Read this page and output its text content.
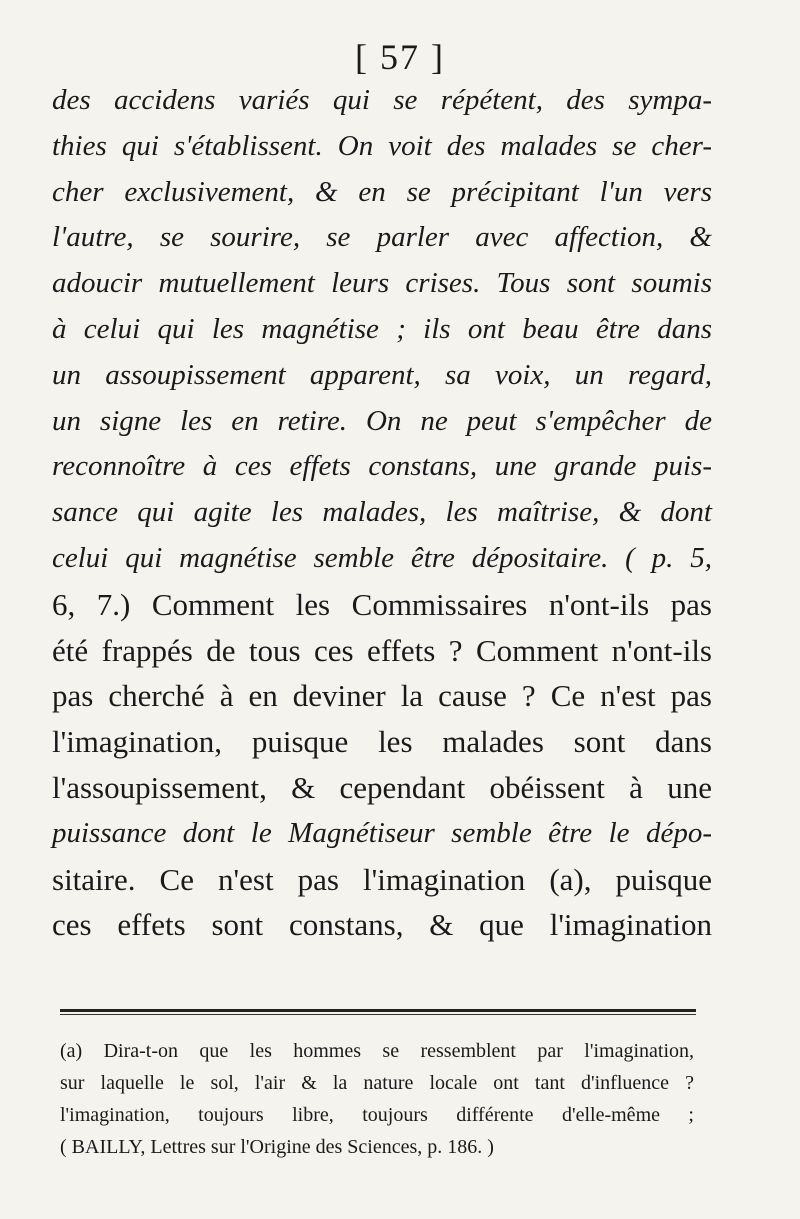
[ 57 ]
des accidens variés qui se répétent, des sympa-
thies qui s'établissent. On voit des malades se cher-
cher exclusivement, & en se précipitant l'un vers
l'autre, se sourire, se parler avec affection, &
adoucir mutuellement leurs crises. Tous sont soumis
à celui qui les magnétise ; ils ont beau être dans
un assoupissement apparent, sa voix, un regard,
un signe les en retire. On ne peut s'empêcher de
reconnoître à ces effets constans, une grande puis-
sance qui agite les malades, les maîtrise, & dont
celui qui magnétise semble être dépositaire. ( p. 5,
6, 7.) Comment les Commissaires n'ont-ils pas
été frappés de tous ces effets ? Comment n'ont-ils
pas cherché à en deviner la cause ? Ce n'est pas
l'imagination, puisque les malades sont dans
l'assoupissement, & cependant obéissent à une
puissance dont le Magnétiseur semble être le dépo-
sitaire. Ce n'est pas l'imagination (a), puisque
ces effets sont constans, & que l'imagination
(a) Dira-t-on que les hommes se ressemblent par l'imagination,
sur laquelle le sol, l'air & la nature locale ont tant d'influence ?
l'imagination, toujours libre, toujours différente d'elle-même ;
( BAILLY, Lettres sur l'Origine des Sciences, p. 186. )
